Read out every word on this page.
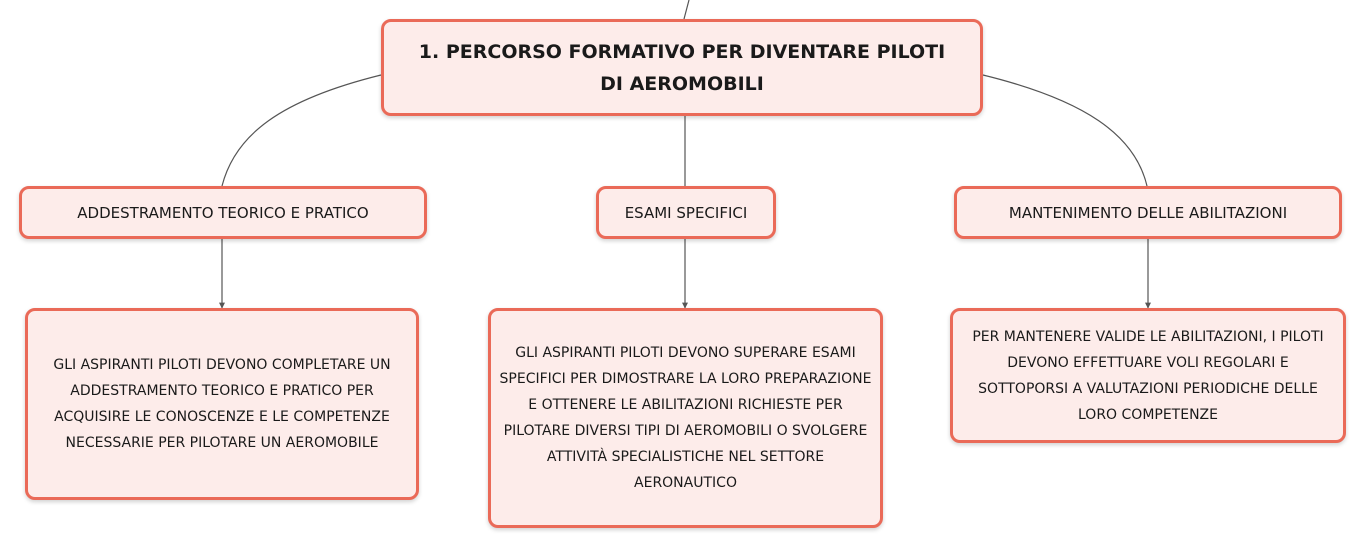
1. PERCORSO FORMATIVO PER DIVENTARE PILOTI DI AEROMOBILI
ADDESTRAMENTO TEORICO E PRATICO	ESAMI SPECIFICI	MANTENIMENTO DELLE ABILITAZIONI
GLI ASPIRANTI PILOTI DEVONO COMPLETARE UN ADDESTRAMENTO TEORICO E PRATICO PER ACQUISIRE LE CONOSCENZE E LE COMPETENZE NECESSARIE PER PILOTARE UN AEROMOBILE
GLI ASPIRANTI PILOTI DEVONO SUPERARE ESAMI SPECIFICI PER DIMOSTRARE LA LORO PREPARAZIONE E OTTENERE LE ABILITAZIONI RICHIESTE PER PILOTARE DIVERSI TIPI DI AEROMOBILI O SVOLGERE ATTIVITÀ SPECIALISTICHE NEL SETTORE AERONAUTICO
PER MANTENERE VALIDE LE ABILITAZIONI, I PILOTI DEVONO EFFETTUARE VOLI REGOLARI E SOTTOPORSI A VALUTAZIONI PERIODICHE DELLE LORO COMPETENZE
